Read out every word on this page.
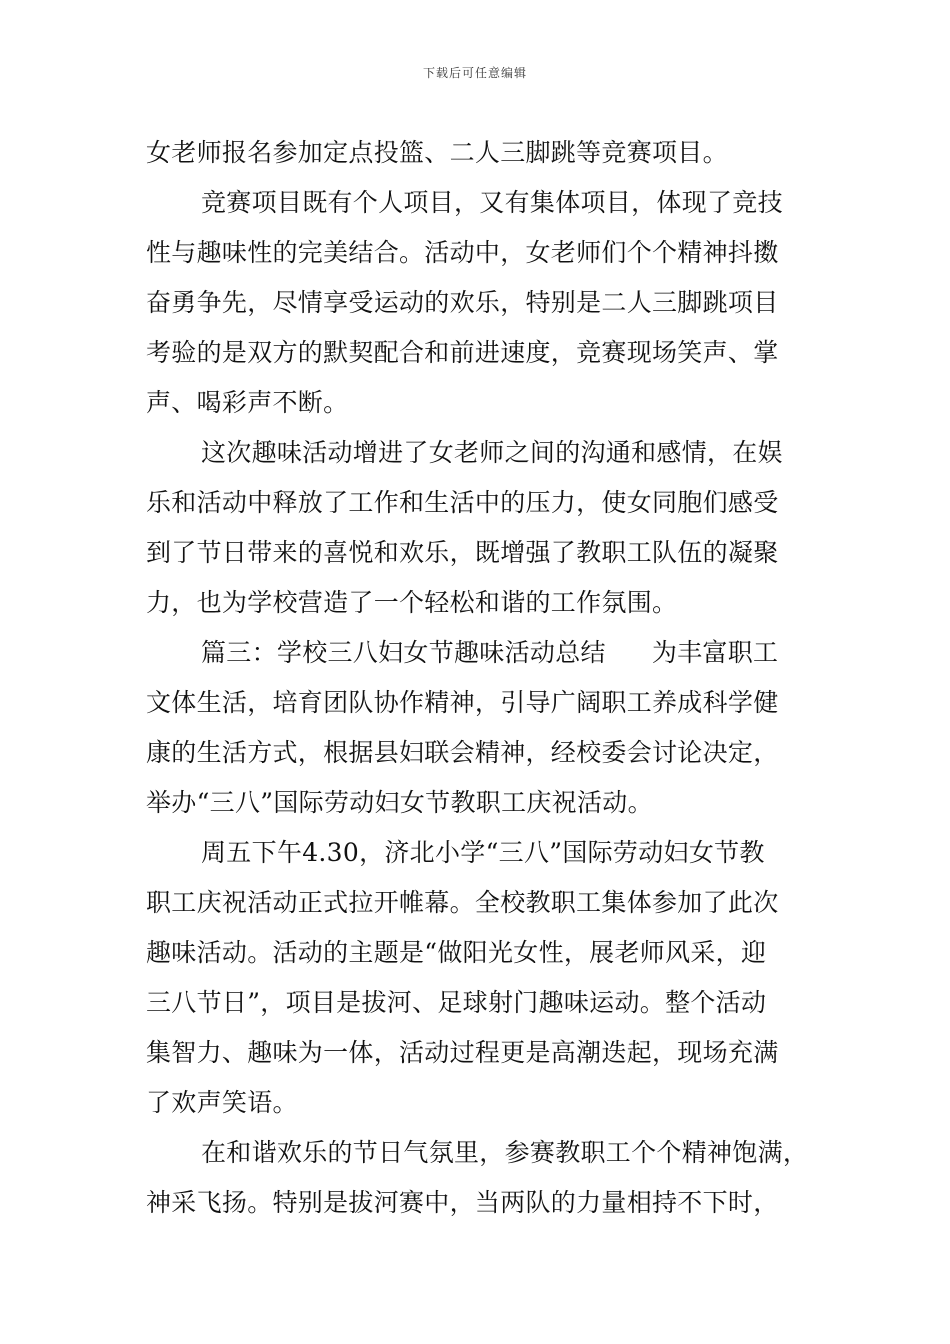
下载后可任意编辑
女老师报名参加定点投篮、二人三脚跳等竞赛项目。
竞赛项目既有个人项目，又有集体项目，体现了竞技
性与趣味性的完美结合。活动中，女老师们个个精神抖擞
奋勇争先，尽情享受运动的欢乐，特别是二人三脚跳项目
考验的是双方的默契配合和前进速度，竞赛现场笑声、掌
声、喝彩声不断。
这次趣味活动增进了女老师之间的沟通和感情，在娱
乐和活动中释放了工作和生活中的压力，使女同胞们感受
到了节日带来的喜悦和欢乐，既增强了教职工队伍的凝聚
力，也为学校营造了一个轻松和谐的工作氛围。
篇三：学校三八妇女节趣味活动总结 为丰富职工
文体生活，培育团队协作精神，引导广阔职工养成科学健
康的生活方式，根据县妇联会精神，经校委会讨论决定，
举办“三八”国际劳动妇女节教职工庆祝活动。
周五下午4.30，济北小学“三八”国际劳动妇女节教
职工庆祝活动正式拉开帷幕。全校教职工集体参加了此次
趣味活动。活动的主题是“做阳光女性，展老师风采，迎
三八节日”，项目是拔河、足球射门趣味运动。整个活动
集智力、趣味为一体，活动过程更是高潮迭起，现场充满
了欢声笑语。
在和谐欢乐的节日气氛里，参赛教职工个个精神饱满，
神采飞扬。特别是拔河赛中，当两队的力量相持不下时，
